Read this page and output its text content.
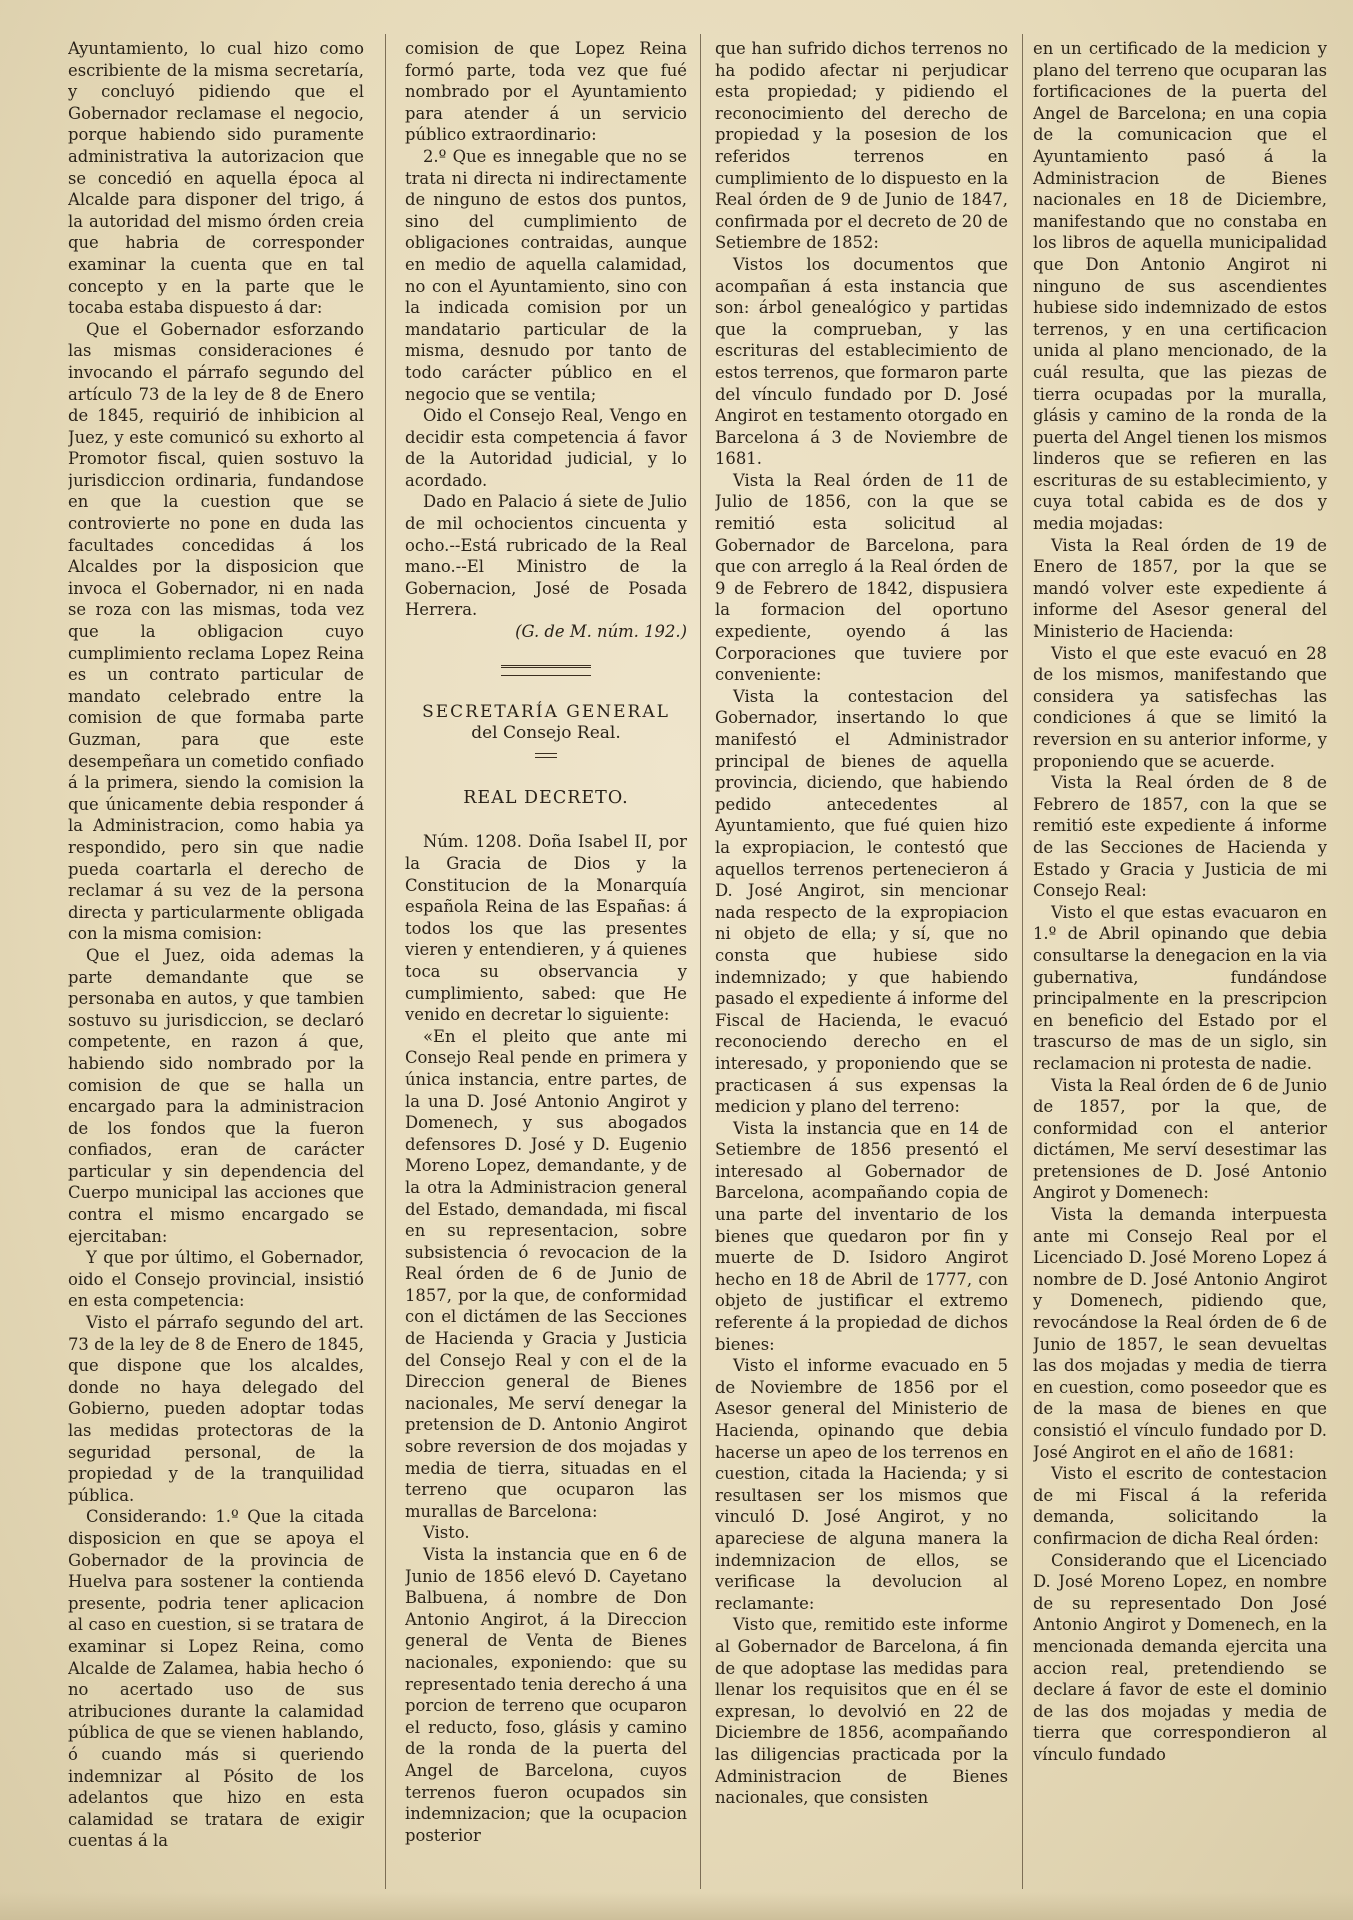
Ayuntamiento, lo cual hizo como escribiente de la misma secretaría, y concluyó pidiendo que el Gobernador reclamase el negocio, porque habiendo sido puramente administrativa la autorizacion que se concedió en aquella época al Alcalde para disponer del trigo, á la autoridad del mismo órden creia que habria de corresponder examinar la cuenta que en tal concepto y en la parte que le tocaba estaba dispuesto á dar:

Que el Gobernador esforzando las mismas consideraciones é invocando el párrafo segundo del artículo 73 de la ley de 8 de Enero de 1845, requirió de inhibicion al Juez, y este comunicó su exhorto al Promotor fiscal, quien sostuvo la jurisdiccion ordinaria, fundandose en que la cuestion que se controvierte no pone en duda las facultades concedidas á los Alcaldes por la disposicion que invoca el Gobernador, ni en nada se roza con las mismas, toda vez que la obligacion cuyo cumplimiento reclama Lopez Reina es un contrato particular de mandato celebrado entre la comision de que formaba parte Guzman, para que este desempeñara un cometido confiado á la primera, siendo la comision la que únicamente debia responder á la Administracion, como habia ya respondido, pero sin que nadie pueda coartarla el derecho de reclamar á su vez de la persona directa y particularmente obligada con la misma comision:

Que el Juez, oida ademas la parte demandante que se personaba en autos, y que tambien sostuvo su jurisdiccion, se declaró competente, en razon á que, habiendo sido nombrado por la comision de que se halla un encargado para la administracion de los fondos que la fueron confiados, eran de carácter particular y sin dependencia del Cuerpo municipal las acciones que contra el mismo encargado se ejercitaban:

Y que por último, el Gobernador, oido el Consejo provincial, insistió en esta competencia:

Visto el párrafo segundo del art. 73 de la ley de 8 de Enero de 1845, que dispone que los alcaldes, donde no haya delegado del Gobierno, pueden adoptar todas las medidas protectoras de la seguridad personal, de la propiedad y de la tranquilidad pública.

Considerando: 1.º Que la citada disposicion en que se apoya el Gobernador de la provincia de Huelva para sostener la contienda presente, podria tener aplicacion al caso en cuestion, si se tratara de examinar si Lopez Reina, como Alcalde de Zalamea, habia hecho ó no acertado uso de sus atribuciones durante la calamidad pública de que se vienen hablando, ó cuando más si queriendo indemnizar al Pósito de los adelantos que hizo en esta calamidad se tratara de exigir cuentas á la

comision de que Lopez Reina formó parte, toda vez que fué nombrado por el Ayuntamiento para atender á un servicio público extraordinario:

2.º Que es innegable que no se trata ni directa ni indirectamente de ninguno de estos dos puntos, sino del cumplimiento de obligaciones contraidas, aunque en medio de aquella calamidad, no con el Ayuntamiento, sino con la indicada comision por un mandatario particular de la misma, desnudo por tanto de todo carácter público en el negocio que se ventila;

Oido el Consejo Real, Vengo en decidir esta competencia á favor de la Autoridad judicial, y lo acordado.

Dado en Palacio á siete de Julio de mil ochocientos cincuenta y ocho.--Está rubricado de la Real mano.--El Ministro de la Gobernacion, José de Posada Herrera.

(G. de M. núm. 192.)

SECRETARÍA GENERAL
del Consejo Real.
REAL DECRETO.

Núm. 1208. Doña Isabel II, por la Gracia de Dios y la Constitucion de la Monarquía española Reina de las Españas: á todos los que las presentes vieren y entendieren, y á quienes toca su observancia y cumplimiento, sabed: que He venido en decretar lo siguiente:

«En el pleito que ante mi Consejo Real pende en primera y única instancia, entre partes, de la una D. José Antonio Angirot y Domenech, y sus abogados defensores D. José y D. Eugenio Moreno Lopez, demandante, y de la otra la Administracion general del Estado, demandada, mi fiscal en su representacion, sobre subsistencia ó revocacion de la Real órden de 6 de Junio de 1857, por la que, de conformidad con el dictámen de las Secciones de Hacienda y Gracia y Justicia del Consejo Real y con el de la Direccion general de Bienes nacionales, Me serví denegar la pretension de D. Antonio Angirot sobre reversion de dos mojadas y media de tierra, situadas en el terreno que ocuparon las murallas de Barcelona:

Visto.

Vista la instancia que en 6 de Junio de 1856 elevó D. Cayetano Balbuena, á nombre de Don Antonio Angirot, á la Direccion general de Venta de Bienes nacionales, exponiendo: que su representado tenia derecho á una porcion de terreno que ocuparon el reducto, foso, glásis y camino de la ronda de la puerta del Angel de Barcelona, cuyos terrenos fueron ocupados sin indemnizacion; que la ocupacion posterior

que han sufrido dichos terrenos no ha podido afectar ni perjudicar esta propiedad; y pidiendo el reconocimiento del derecho de propiedad y la posesion de los referidos terrenos en cumplimiento de lo dispuesto en la Real órden de 9 de Junio de 1847, confirmada por el decreto de 20 de Setiembre de 1852:

Vistos los documentos que acompañan á esta instancia que son: árbol genealógico y partidas que la comprueban, y las escrituras del establecimiento de estos terrenos, que formaron parte del vínculo fundado por D. José Angirot en testamento otorgado en Barcelona á 3 de Noviembre de 1681.

Vista la Real órden de 11 de Julio de 1856, con la que se remitió esta solicitud al Gobernador de Barcelona, para que con arreglo á la Real órden de 9 de Febrero de 1842, dispusiera la formacion del oportuno expediente, oyendo á las Corporaciones que tuviere por conveniente:

Vista la contestacion del Gobernador, insertando lo que manifestó el Administrador principal de bienes de aquella provincia, diciendo, que habiendo pedido antecedentes al Ayuntamiento, que fué quien hizo la expropiacion, le contestó que aquellos terrenos pertenecieron á D. José Angirot, sin mencionar nada respecto de la expropiacion ni objeto de ella; y sí, que no consta que hubiese sido indemnizado; y que habiendo pasado el expediente á informe del Fiscal de Hacienda, le evacuó reconociendo derecho en el interesado, y proponiendo que se practicasen á sus expensas la medicion y plano del terreno:

Vista la instancia que en 14 de Setiembre de 1856 presentó el interesado al Gobernador de Barcelona, acompañando copia de una parte del inventario de los bienes que quedaron por fin y muerte de D. Isidoro Angirot hecho en 18 de Abril de 1777, con objeto de justificar el extremo referente á la propiedad de dichos bienes:

Visto el informe evacuado en 5 de Noviembre de 1856 por el Asesor general del Ministerio de Hacienda, opinando que debia hacerse un apeo de los terrenos en cuestion, citada la Hacienda; y si resultasen ser los mismos que vinculó D. José Angirot, y no apareciese de alguna manera la indemnizacion de ellos, se verificase la devolucion al reclamante:

Visto que, remitido este informe al Gobernador de Barcelona, á fin de que adoptase las medidas para llenar los requisitos que en él se expresan, lo devolvió en 22 de Diciembre de 1856, acompañando las diligencias practicada por la Administracion de Bienes nacionales, que consisten

en un certificado de la medicion y plano del terreno que ocuparan las fortificaciones de la puerta del Angel de Barcelona; en una copia de la comunicacion que el Ayuntamiento pasó á la Administracion de Bienes nacionales en 18 de Diciembre, manifestando que no constaba en los libros de aquella municipalidad que Don Antonio Angirot ni ninguno de sus ascendientes hubiese sido indemnizado de estos terrenos, y en una certificacion unida al plano mencionado, de la cuál resulta, que las piezas de tierra ocupadas por la muralla, glásis y camino de la ronda de la puerta del Angel tienen los mismos linderos que se refieren en las escrituras de su establecimiento, y cuya total cabida es de dos y media mojadas:

Vista la Real órden de 19 de Enero de 1857, por la que se mandó volver este expediente á informe del Asesor general del Ministerio de Hacienda:

Visto el que este evacuó en 28 de los mismos, manifestando que considera ya satisfechas las condiciones á que se limitó la reversion en su anterior informe, y proponiendo que se acuerde.

Vista la Real órden de 8 de Febrero de 1857, con la que se remitió este expediente á informe de las Secciones de Hacienda y Estado y Gracia y Justicia de mi Consejo Real:

Visto el que estas evacuaron en 1.º de Abril opinando que debia consultarse la denegacion en la via gubernativa, fundándose principalmente en la prescripcion en beneficio del Estado por el trascurso de mas de un siglo, sin reclamacion ni protesta de nadie.

Vista la Real órden de 6 de Junio de 1857, por la que, de conformidad con el anterior dictámen, Me serví desestimar las pretensiones de D. José Antonio Angirot y Domenech:

Vista la demanda interpuesta ante mi Consejo Real por el Licenciado D. José Moreno Lopez á nombre de D. José Antonio Angirot y Domenech, pidiendo que, revocándose la Real órden de 6 de Junio de 1857, le sean devueltas las dos mojadas y media de tierra en cuestion, como poseedor que es de la masa de bienes en que consistió el vínculo fundado por D. José Angirot en el año de 1681:

Visto el escrito de contestacion de mi Fiscal á la referida demanda, solicitando la confirmacion de dicha Real órden:

Considerando que el Licenciado D. José Moreno Lopez, en nombre de su representado Don José Antonio Angirot y Domenech, en la mencionada demanda ejercita una accion real, pretendiendo se declare á favor de este el dominio de las dos mojadas y media de tierra que correspondieron al vínculo fundado
